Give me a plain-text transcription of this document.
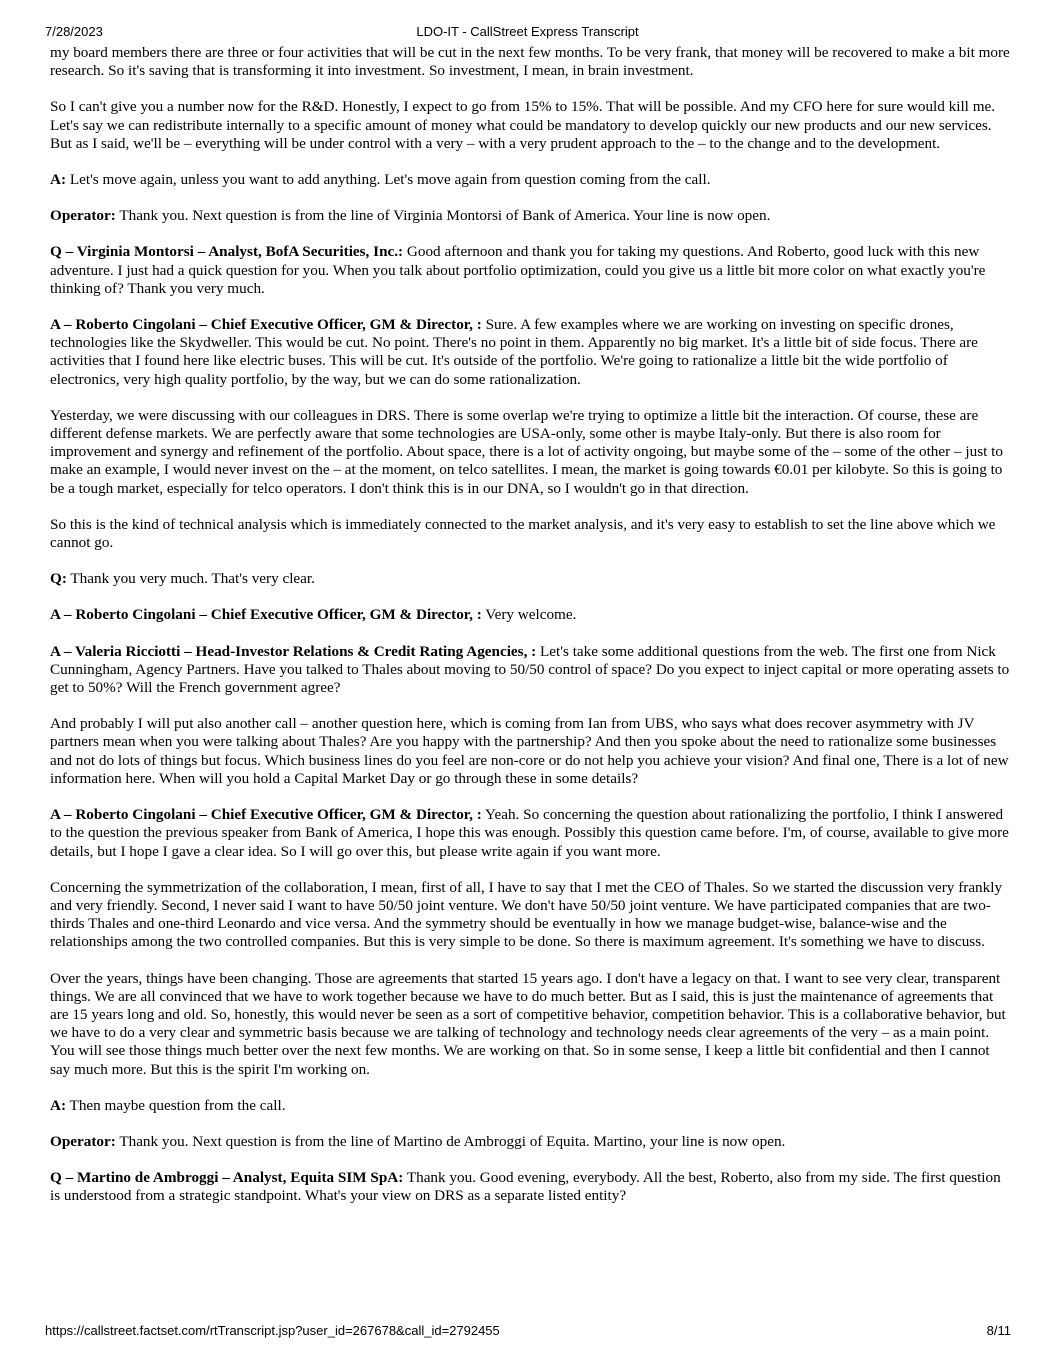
7/28/2023	LDO-IT - CallStreet Express Transcript

my board members there are three or four activities that will be cut in the next few months. To be very frank, that money will be recovered to make a bit more research. So it's saving that is transforming it into investment. So investment, I mean, in brain investment.

So I can't give you a number now for the R&D. Honestly, I expect to go from 15% to 15%. That will be possible. And my CFO here for sure would kill me. Let's say we can redistribute internally to a specific amount of money what could be mandatory to develop quickly our new products and our new services. But as I said, we'll be – everything will be under control with a very – with a very prudent approach to the – to the change and to the development.

A: Let's move again, unless you want to add anything. Let's move again from question coming from the call.

Operator: Thank you. Next question is from the line of Virginia Montorsi of Bank of America. Your line is now open.

Q – Virginia Montorsi – Analyst, BofA Securities, Inc.: Good afternoon and thank you for taking my questions. And Roberto, good luck with this new adventure. I just had a quick question for you. When you talk about portfolio optimization, could you give us a little bit more color on what exactly you're thinking of? Thank you very much.

A – Roberto Cingolani – Chief Executive Officer, GM & Director, : Sure. A few examples where we are working on investing on specific drones, technologies like the Skydweller. This would be cut. No point. There's no point in them. Apparently no big market. It's a little bit of side focus. There are activities that I found here like electric buses. This will be cut. It's outside of the portfolio. We're going to rationalize a little bit the wide portfolio of electronics, very high quality portfolio, by the way, but we can do some rationalization.

Yesterday, we were discussing with our colleagues in DRS. There is some overlap we're trying to optimize a little bit the interaction. Of course, these are different defense markets. We are perfectly aware that some technologies are USA-only, some other is maybe Italy-only. But there is also room for improvement and synergy and refinement of the portfolio. About space, there is a lot of activity ongoing, but maybe some of the – some of the other – just to make an example, I would never invest on the – at the moment, on telco satellites. I mean, the market is going towards €0.01 per kilobyte. So this is going to be a tough market, especially for telco operators. I don't think this is in our DNA, so I wouldn't go in that direction.

So this is the kind of technical analysis which is immediately connected to the market analysis, and it's very easy to establish to set the line above which we cannot go.

Q: Thank you very much. That's very clear.

A – Roberto Cingolani – Chief Executive Officer, GM & Director, : Very welcome.

A – Valeria Ricciotti – Head-Investor Relations & Credit Rating Agencies, : Let's take some additional questions from the web. The first one from Nick Cunningham, Agency Partners. Have you talked to Thales about moving to 50/50 control of space? Do you expect to inject capital or more operating assets to get to 50%? Will the French government agree?

And probably I will put also another call – another question here, which is coming from Ian from UBS, who says what does recover asymmetry with JV partners mean when you were talking about Thales? Are you happy with the partnership? And then you spoke about the need to rationalize some businesses and not do lots of things but focus. Which business lines do you feel are non-core or do not help you achieve your vision? And final one, There is a lot of new information here. When will you hold a Capital Market Day or go through these in some details?

A – Roberto Cingolani – Chief Executive Officer, GM & Director, : Yeah. So concerning the question about rationalizing the portfolio, I think I answered to the question the previous speaker from Bank of America, I hope this was enough. Possibly this question came before. I'm, of course, available to give more details, but I hope I gave a clear idea. So I will go over this, but please write again if you want more.

Concerning the symmetrization of the collaboration, I mean, first of all, I have to say that I met the CEO of Thales. So we started the discussion very frankly and very friendly. Second, I never said I want to have 50/50 joint venture. We don't have 50/50 joint venture. We have participated companies that are two-thirds Thales and one-third Leonardo and vice versa. And the symmetry should be eventually in how we manage budget-wise, balance-wise and the relationships among the two controlled companies. But this is very simple to be done. So there is maximum agreement. It's something we have to discuss.

Over the years, things have been changing. Those are agreements that started 15 years ago. I don't have a legacy on that. I want to see very clear, transparent things. We are all convinced that we have to work together because we have to do much better. But as I said, this is just the maintenance of agreements that are 15 years long and old. So, honestly, this would never be seen as a sort of competitive behavior, competition behavior. This is a collaborative behavior, but we have to do a very clear and symmetric basis because we are talking of technology and technology needs clear agreements of the very – as a main point. You will see those things much better over the next few months. We are working on that. So in some sense, I keep a little bit confidential and then I cannot say much more. But this is the spirit I'm working on.

A: Then maybe question from the call.

Operator: Thank you. Next question is from the line of Martino de Ambroggi of Equita. Martino, your line is now open.

Q – Martino de Ambroggi – Analyst, Equita SIM SpA: Thank you. Good evening, everybody. All the best, Roberto, also from my side. The first question is understood from a strategic standpoint. What's your view on DRS as a separate listed entity?

https://callstreet.factset.com/rtTranscript.jsp?user_id=267678&call_id=2792455	8/11
